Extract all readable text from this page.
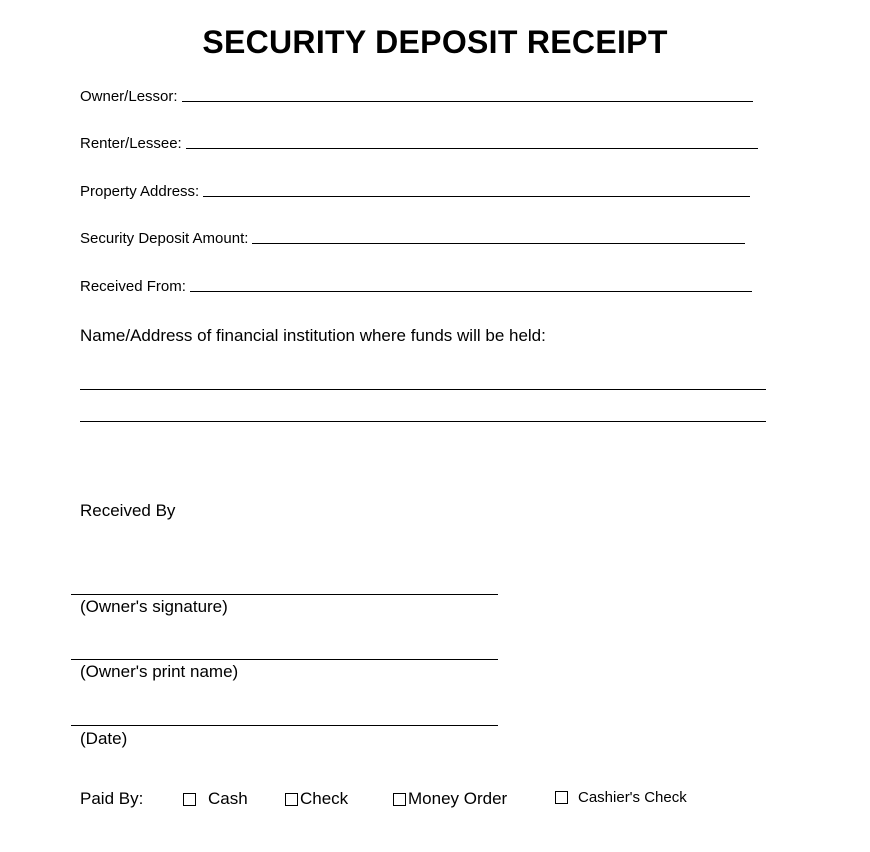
SECURITY DEPOSIT RECEIPT
Owner/Lessor:
Renter/Lessee:
Property Address:
Security Deposit Amount:
Received From:
Name/Address of financial institution where funds will be held:
Received By
(Owner's signature)
(Owner's print name)
(Date)
Paid By:	Cash	Check	Money Order	Cashier's Check
